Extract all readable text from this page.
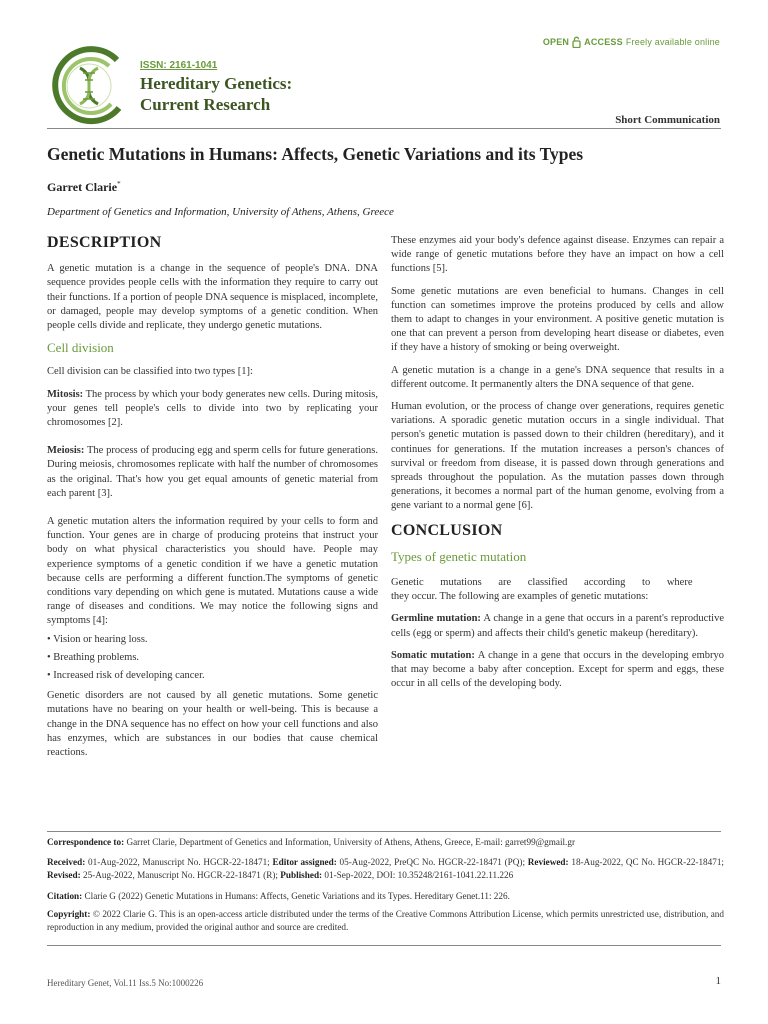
ISSN: 2161-1041
Hereditary Genetics:
Current Research
OPEN ACCESS Freely available online
Short Communication
Genetic Mutations in Humans: Affects, Genetic Variations and its Types
Garret Clarie*
Department of Genetics and Information, University of Athens, Athens, Greece
DESCRIPTION

A genetic mutation is a change in the sequence of people's DNA. DNA sequence provides people cells with the information they require to carry out their functions. If a portion of people DNA sequence is misplaced, incomplete, or damaged, people may develop symptoms of a genetic condition. When people cells divide and replicate, they undergo genetic mutations.

Cell division

Cell division can be classified into two types [1]:

Mitosis: The process by which your body generates new cells. During mitosis, your genes tell people's cells to divide into two by replicating your chromosomes [2].

Meiosis: The process of producing egg and sperm cells for future generations. During meiosis, chromosomes replicate with half the number of chromosomes as the original. That's how you get equal amounts of genetic material from each parent [3].

A genetic mutation alters the information required by your cells to form and function. Your genes are in charge of producing proteins that instruct your body on what physical characteristics you should have. People may experience symptoms of a genetic condition if we have a genetic mutation because cells are performing a different function.The symptoms of genetic conditions vary depending on which gene is mutated. Mutations cause a wide range of diseases and conditions. We may notice the following signs and symptoms [4]:

• Vision or hearing loss.
• Breathing problems.
• Increased risk of developing cancer.

Genetic disorders are not caused by all genetic mutations. Some genetic mutations have no bearing on your health or well-being. This is because a change in the DNA sequence has no effect on how your cell functions and also has enzymes, which are substances in our bodies that cause chemical reactions.

These enzymes aid your body's defence against disease. Enzymes can repair a wide range of genetic mutations before they have an impact on how a cell functions [5].

Some genetic mutations are even beneficial to humans. Changes in cell function can sometimes improve the proteins produced by cells and allow them to adapt to changes in your environment. A positive genetic mutation is one that can prevent a person from developing heart disease or diabetes, even if they have a history of smoking or being overweight.

A genetic mutation is a change in a gene's DNA sequence that results in a different outcome. It permanently alters the DNA sequence of that gene.

Human evolution, or the process of change over generations, requires genetic variations. A sporadic genetic mutation occurs in a single individual. That person's genetic mutation is passed down to their children (hereditary), and it continues for generations. If the mutation increases a person's chances of survival or freedom from disease, it is passed down through generations and spreads throughout the population. As the mutation passes down through generations, it becomes a normal part of the human genome, evolving from a gene variant to a normal gene [6].

CONCLUSION
Types of genetic mutation

Genetic mutations are classified according to where
they occur. The following are examples of genetic mutations:

Germline mutation: A change in a gene that occurs in a parent's reproductive cells (egg or sperm) and affects their child's genetic makeup (hereditary).

Somatic mutation: A change in a gene that occurs in the developing embryo that may become a baby after conception. Except for sperm and eggs, these occur in all cells of the developing body.

Correspondence to: Garret Clarie, Department of Genetics and Information, University of Athens, Athens, Greece, E-mail: garret99@gmail.gr
Received: 01-Aug-2022, Manuscript No. HGCR-22-18471; Editor assigned: 05-Aug-2022, PreQC No. HGCR-22-18471 (PQ); Reviewed: 18-Aug-2022, QC No. HGCR-22-18471; Revised: 25-Aug-2022, Manuscript No. HGCR-22-18471 (R); Published: 01-Sep-2022, DOI: 10.35248/2161-1041.22.11.226
Citation: Clarie G (2022) Genetic Mutations in Humans: Affects, Genetic Variations and its Types. Hereditary Genet.11: 226.
Copyright: © 2022 Clarie G. This is an open-access article distributed under the terms of the Creative Commons Attribution License, which permits unrestricted use, distribution, and reproduction in any medium, provided the original author and source are credited.
Hereditary Genet, Vol.11 Iss.5 No:1000226	1
